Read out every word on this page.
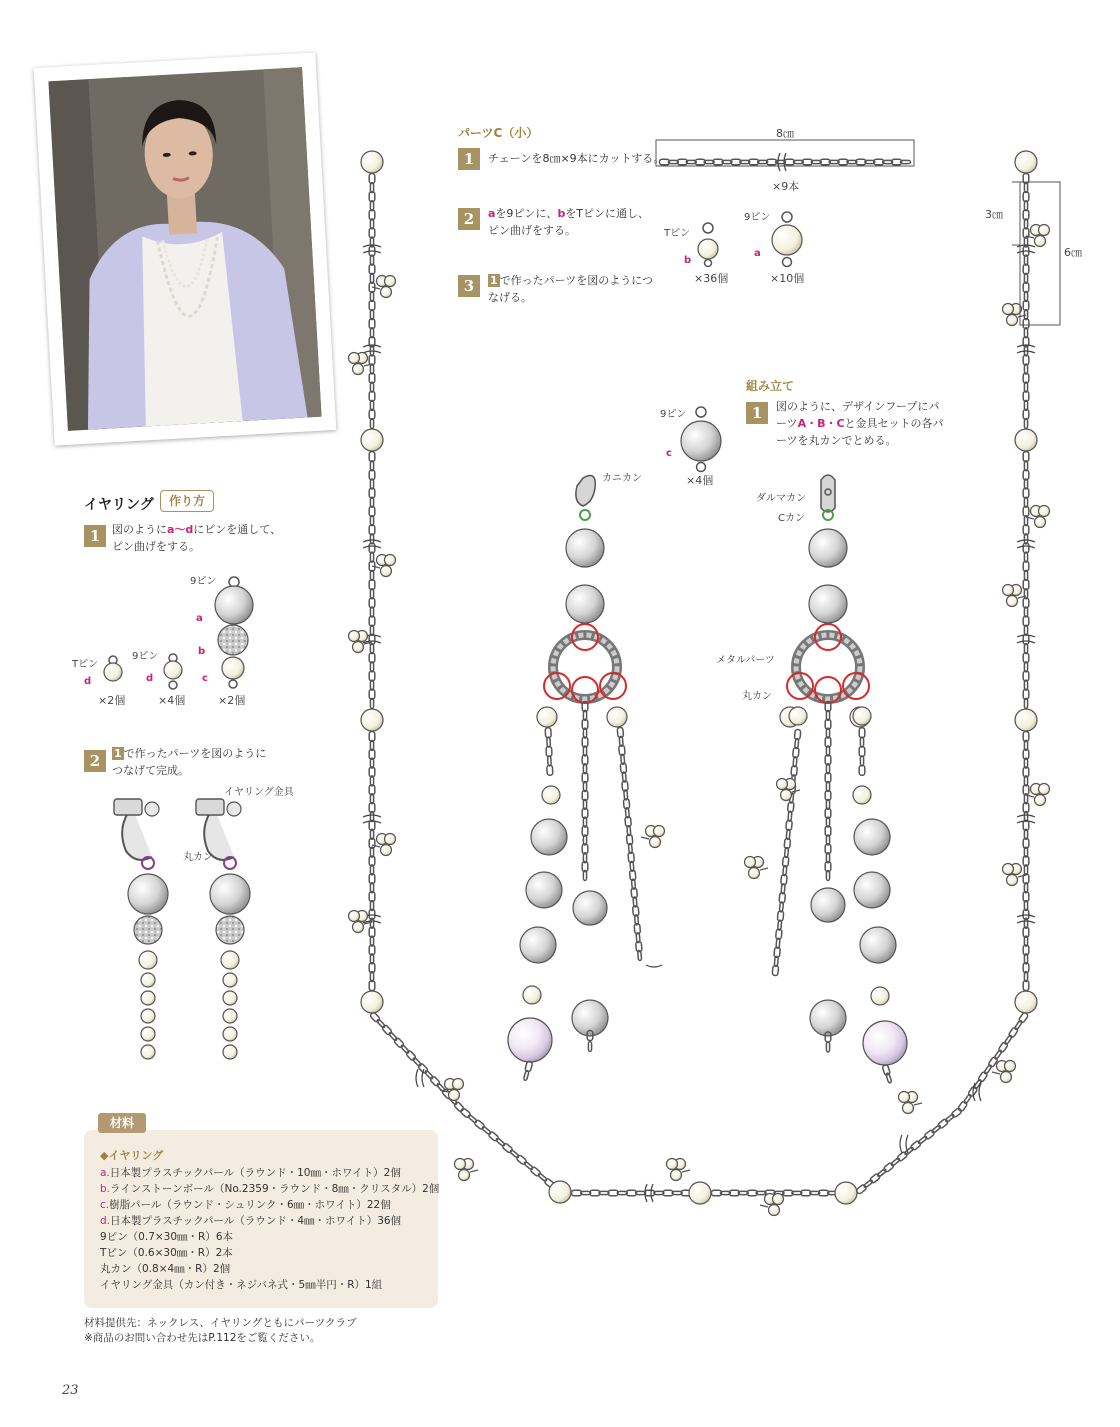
パーツC（小）
1	チェーンを8㎝×9本にカットする。
8㎝
×9本
2	aを9ピンに、bをTピンに通し、ピン曲げをする。	Tピン
b
×36個
9ピン
a
×10個
3	1 で作ったパーツを図のようにつなげる。
3㎝
6㎝
組み立て
1	図のように、デザインフープにパーツA・B・Cと金具セットの各パーツを丸カンでとめる。
9ピン
c
×4個
カニカン
ダルマカン
Cカン
メタルパーツ
丸カン
イヤリング	作り方
1	図のようにa～dにピンを通して、ピン曲げをする。
9ピン
a
b
c
Tピン
d
9ピン
d
×2個	×4個	×2個
2	1 で作ったパーツを図のようにつなげて完成。
イヤリング金具
丸カン
材料
◆イヤリング
a.日本製プラスチックパール（ラウンド・10㎜・ホワイト）2個
b.ラインストーンボール（No.2359・ラウンド・8㎜・クリスタル）2個
c.樹脂パール（ラウンド・シュリンク・6㎜・ホワイト）22個
d.日本製プラスチックパール（ラウンド・4㎜・ホワイト）36個
9ピン（0.7×30㎜・R）6本
Tピン（0.6×30㎜・R）2本
丸カン（0.8×4㎜・R）2個
イヤリング金具（カン付き・ネジバネ式・5㎜半円・R）1組
材料提供先：ネックレス、イヤリングともにパーツクラブ
※商品のお問い合わせ先はP.112をご覧ください。
23
